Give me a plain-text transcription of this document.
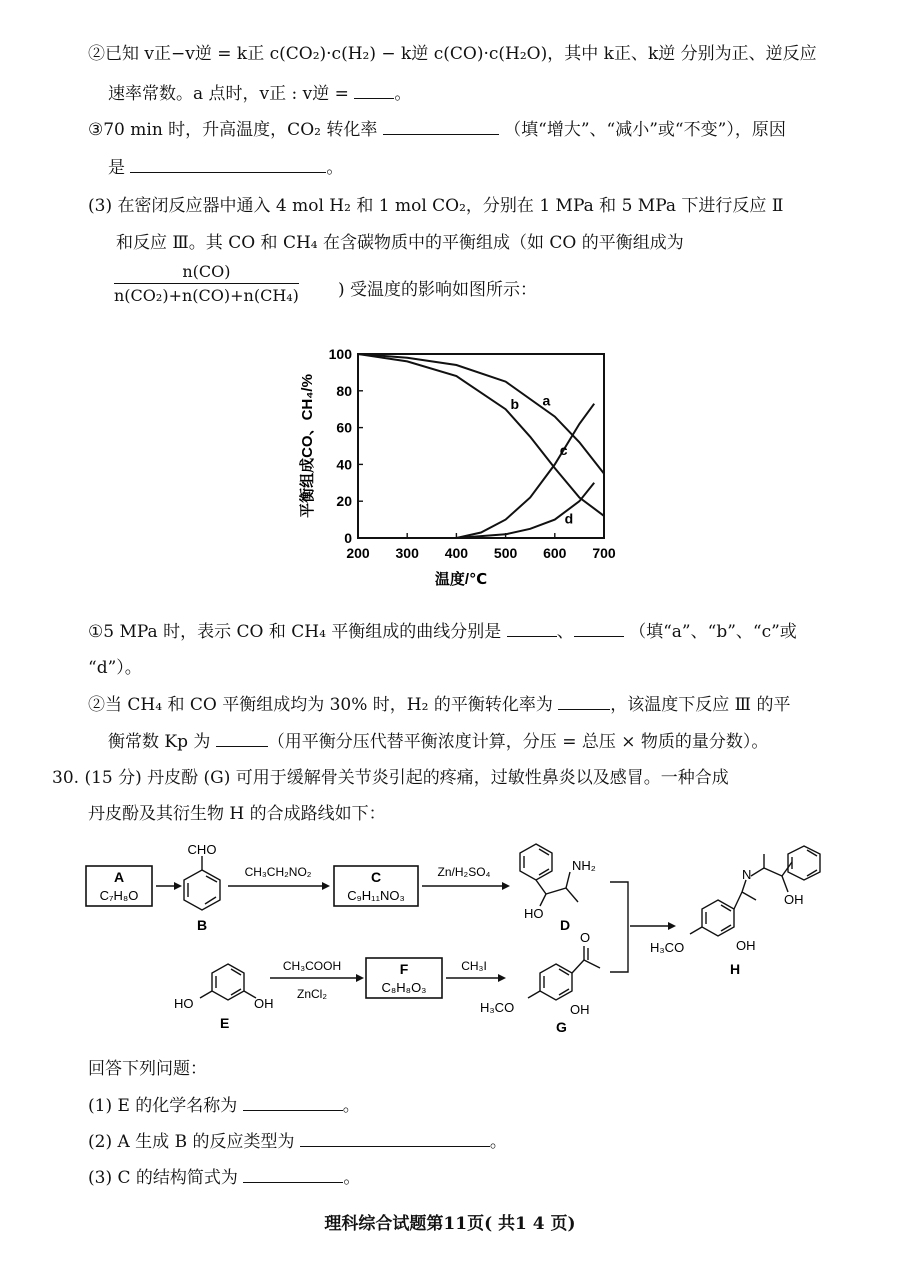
②已知 v正−v逆 = k正 c(CO₂)·c(H₂) − k逆 c(CO)·c(H₂O)，其中 k正、k逆 分别为正、逆反应
速率常数。a 点时，v正 : v逆 =	。
③70 min 时，升高温度，CO₂ 转化率	（填“增大”、“减小”或“不变”），原因
是	。
(3) 在密闭反应器中通入 4 mol H₂ 和 1 mol CO₂，分别在 1 MPa 和 5 MPa 下进行反应 Ⅱ
和反应 Ⅲ。其 CO 和 CH₄ 在含碳物质中的平衡组成（如 CO 的平衡组成为
$\frac{n(CO)}{\text{n(CO₂)+n(CO)+n(CH₄)}}$ ) 受温度的影响如图所示：
a
b
c
d
200 300 400 500 600 700
0
20
40
60
80
100
平衡组成CO、CH₄/%
温度/℃
①5 MPa 时，表示 CO 和 CH₄ 平衡组成的曲线分别是	、	（填“a”、“b”、“c”或
“d”）。
②当 CH₄ 和 CO 平衡组成均为 30% 时，H₂ 的平衡转化率为	，该温度下反应 Ⅲ 的平
衡常数 Kp 为	（用平衡分压代替平衡浓度计算，分压 = 总压 × 物质的量分数）。
30. (15 分) 丹皮酚 (G) 可用于缓解骨关节炎引起的疼痛，过敏性鼻炎以及感冒。一种合成
丹皮酚及其衍生物 H 的合成路线如下：
A
C₇H₈O
CHO
B
CH₃CH₂NO₂	C
C₉H₁₁NO₃
Zn/H₂SO₄	NH₂
HO
D
N
OH
OH
H₃CO
H
HO	OH
E
CH₃COOH
ZnCl₂
F
C₈H₈O₃
CH₃I
O
OH
H₃CO
G
回答下列问题：
(1) E 的化学名称为	。
(2) A 生成 B 的反应类型为	。
(3) C 的结构简式为	。
理科综合试题第11页( 共1 4 页)
